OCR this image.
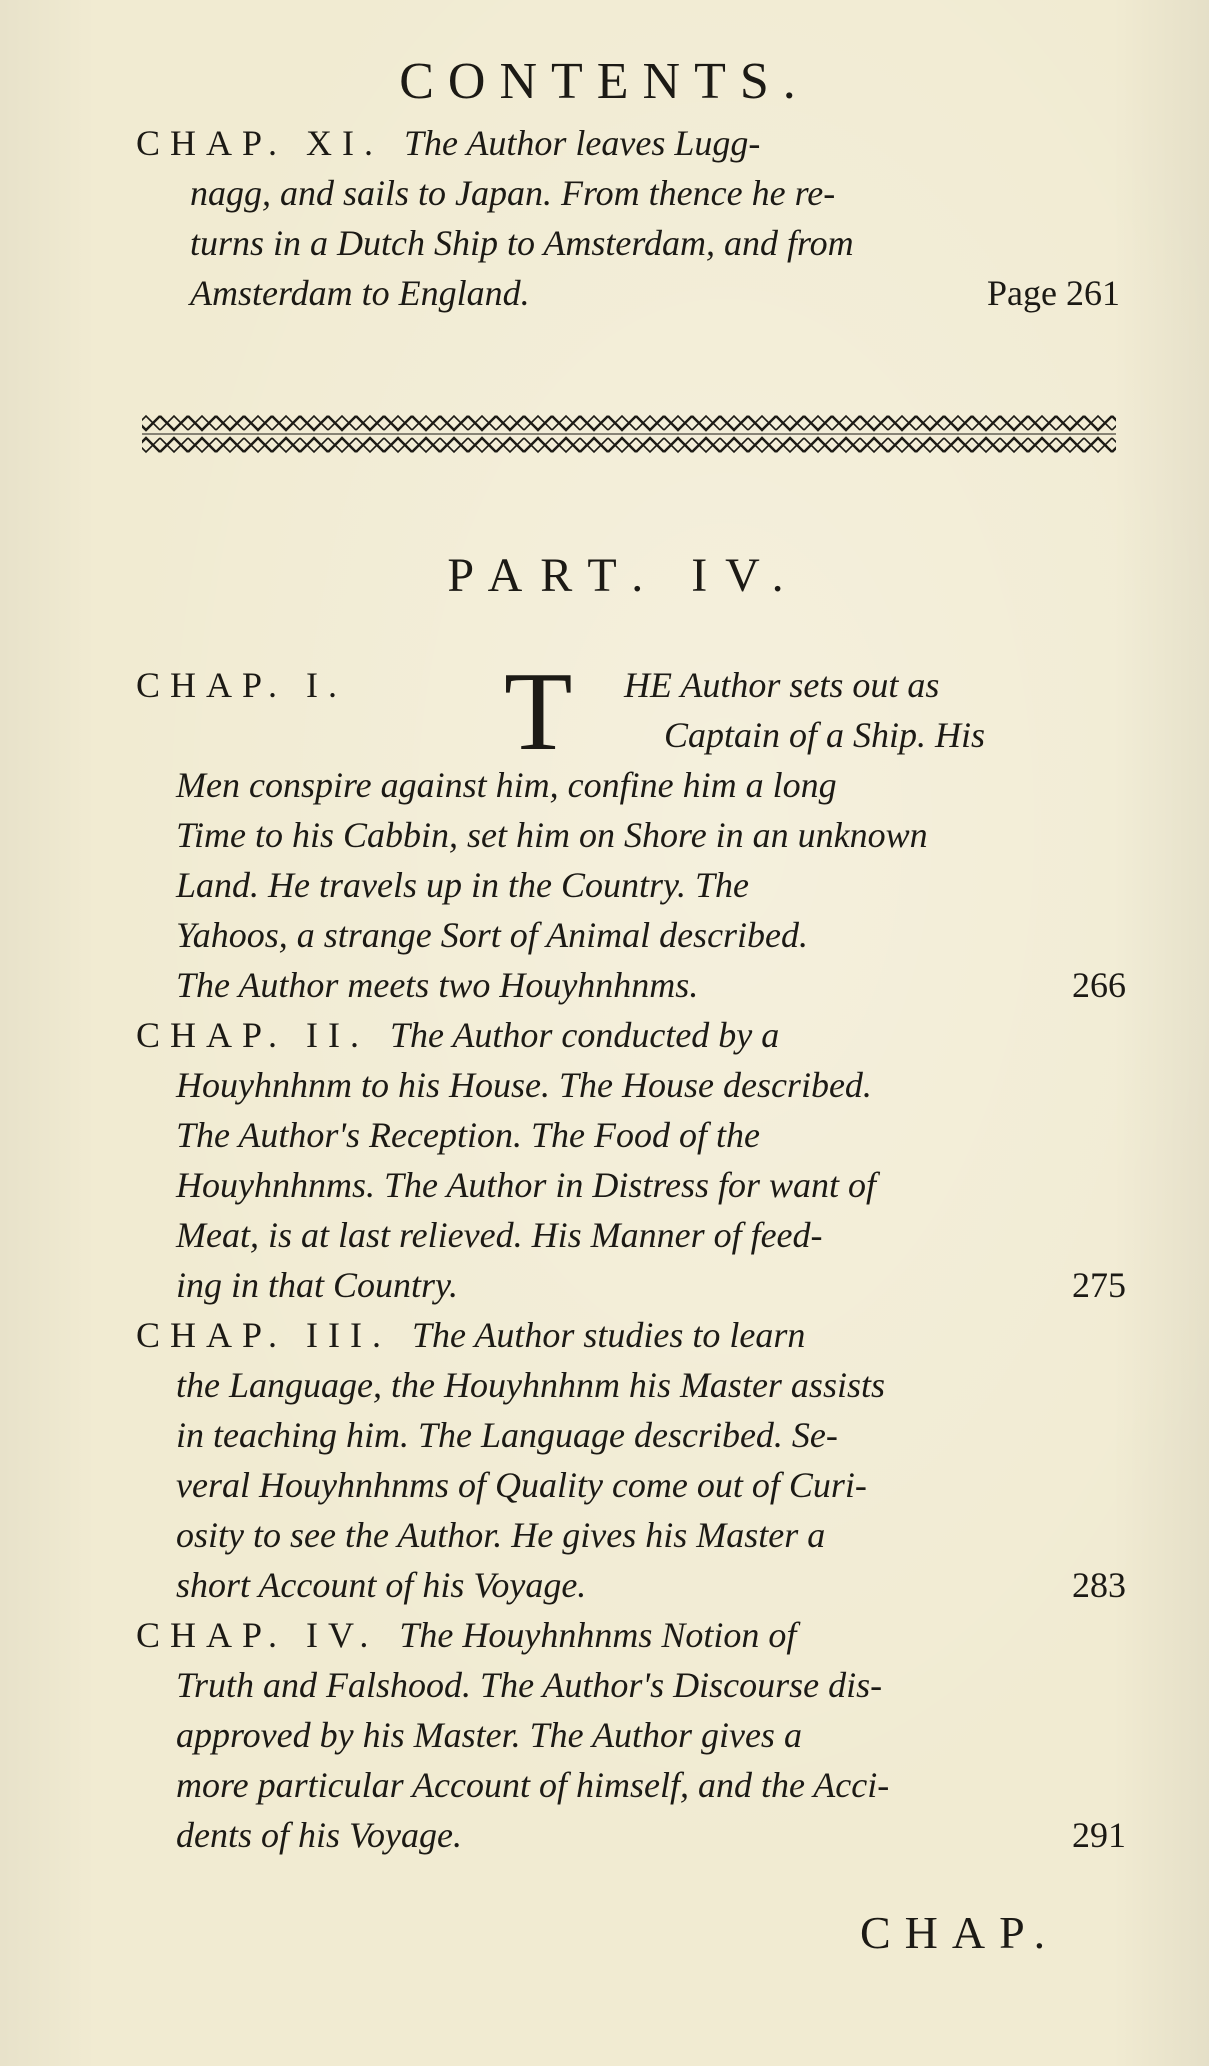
CONTENTS.
CHAP. XI. The Author leaves Lugg-
nagg, and sails to Japan. From thence he re-
turns in a Dutch Ship to Amsterdam, and from
Amsterdam to England.	Page 261
PART. IV.
T
CHAP. I.	HE Author sets out as
Captain of a Ship. His
Men conspire against him, confine him a long
Time to his Cabbin, set him on Shore in an unknown
Land. He travels up in the Country. The
Yahoos, a strange Sort of Animal described.
The Author meets two Houyhnhnms.	266
CHAP. II. The Author conducted by a
Houyhnhnm to his House. The House described.
The Author's Reception. The Food of the
Houyhnhnms. The Author in Distress for want of
Meat, is at last relieved. His Manner of feed-
ing in that Country.	275
CHAP. III. The Author studies to learn
the Language, the Houyhnhnm his Master assists
in teaching him. The Language described. Se-
veral Houyhnhnms of Quality come out of Curi-
osity to see the Author. He gives his Master a
short Account of his Voyage.	283
CHAP. IV. The Houyhnhnms Notion of
Truth and Falshood. The Author's Discourse dis-
approved by his Master. The Author gives a
more particular Account of himself, and the Acci-
dents of his Voyage.	291
CHAP.
